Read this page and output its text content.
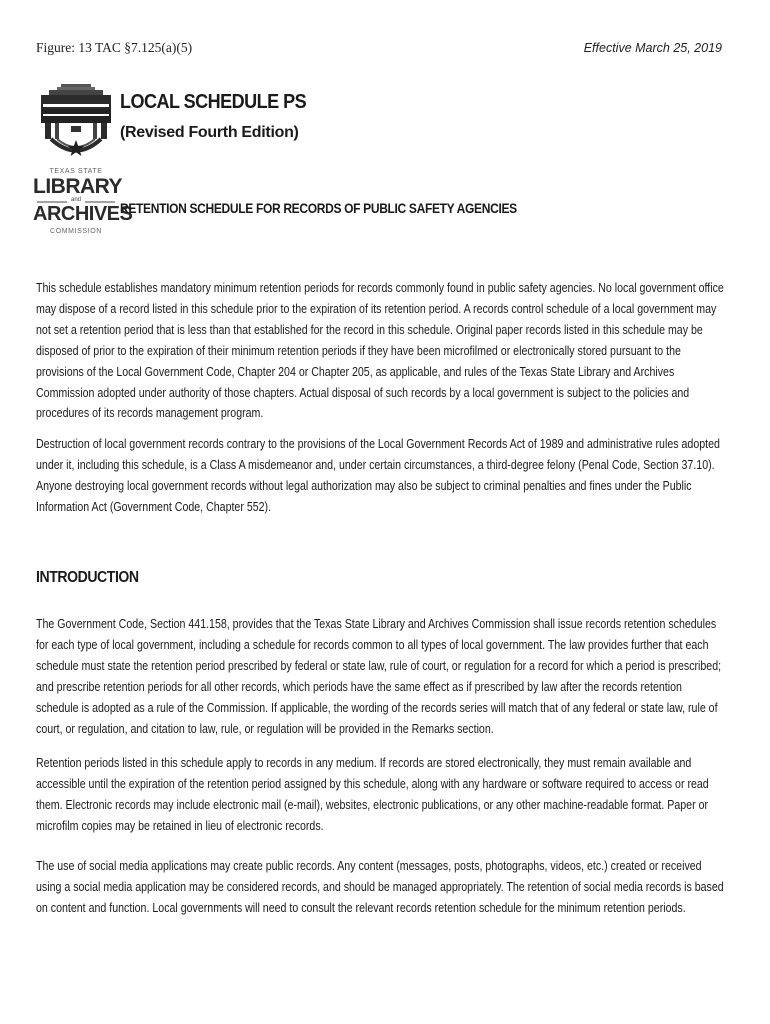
Figure: 13 TAC §7.125(a)(5)	Effective March 25, 2019
TEXAS STATE
LIBRARY
and
ARCHIVES
COMMISSION
LOCAL SCHEDULE PS
(Revised Fourth Edition)
RETENTION SCHEDULE FOR RECORDS OF PUBLIC SAFETY AGENCIES
This schedule establishes mandatory minimum retention periods for records commonly found in public safety agencies. No local government office may dispose of a record listed in this schedule prior to the expiration of its retention period. A records control schedule of a local government may not set a retention period that is less than that established for the record in this schedule. Original paper records listed in this schedule may be disposed of prior to the expiration of their minimum retention periods if they have been microfilmed or electronically stored pursuant to the provisions of the Local Government Code, Chapter 204 or Chapter 205, as applicable, and rules of the Texas State Library and Archives Commission adopted under authority of those chapters. Actual disposal of such records by a local government is subject to the policies and procedures of its records management program.
Destruction of local government records contrary to the provisions of the Local Government Records Act of 1989 and administrative rules adopted under it, including this schedule, is a Class A misdemeanor and, under certain circumstances, a third-degree felony (Penal Code, Section 37.10). Anyone destroying local government records without legal authorization may also be subject to criminal penalties and fines under the Public Information Act (Government Code, Chapter 552).
INTRODUCTION
The Government Code, Section 441.158, provides that the Texas State Library and Archives Commission shall issue records retention schedules for each type of local government, including a schedule for records common to all types of local government. The law provides further that each schedule must state the retention period prescribed by federal or state law, rule of court, or regulation for a record for which a period is prescribed; and prescribe retention periods for all other records, which periods have the same effect as if prescribed by law after the records retention schedule is adopted as a rule of the Commission. If applicable, the wording of the records series will match that of any federal or state law, rule of court, or regulation, and citation to law, rule, or regulation will be provided in the Remarks section.
Retention periods listed in this schedule apply to records in any medium. If records are stored electronically, they must remain available and accessible until the expiration of the retention period assigned by this schedule, along with any hardware or software required to access or read them. Electronic records may include electronic mail (e-mail), websites, electronic publications, or any other machine-readable format. Paper or microfilm copies may be retained in lieu of electronic records.
The use of social media applications may create public records. Any content (messages, posts, photographs, videos, etc.) created or received using a social media application may be considered records, and should be managed appropriately. The retention of social media records is based on content and function. Local governments will need to consult the relevant records retention schedule for the minimum retention periods.
